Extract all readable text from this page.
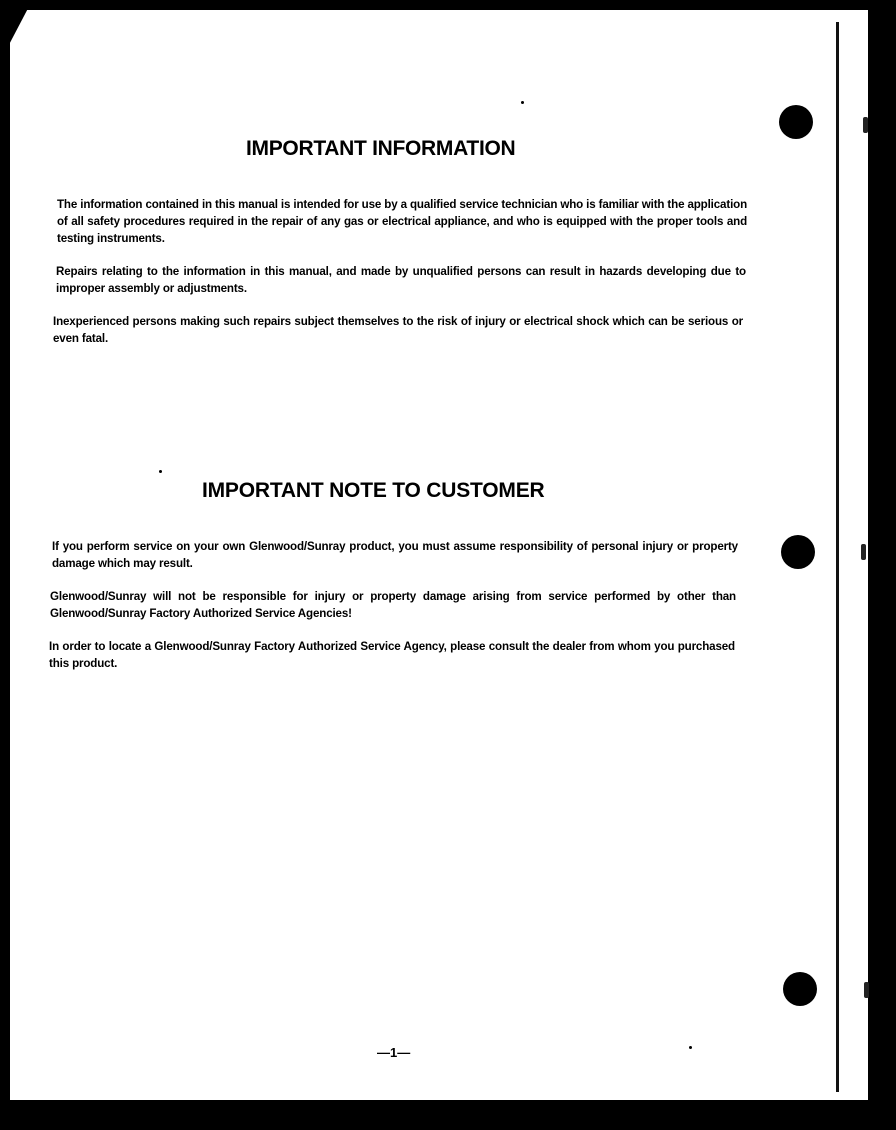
IMPORTANT INFORMATION

The information contained in this manual is intended for use by a qualified service technician who is familiar with the application of all safety procedures required in the repair of any gas or electrical appliance, and who is equipped with the proper tools and testing instruments.

Repairs relating to the information in this manual, and made by unqualified persons can result in hazards developing due to improper assembly or adjustments.

Inexperienced persons making such repairs subject themselves to the risk of injury or electrical shock which can be serious or even fatal.

IMPORTANT NOTE TO CUSTOMER

If you perform service on your own Glenwood/Sunray product, you must assume responsibility of personal injury or property damage which may result.

Glenwood/Sunray will not be responsible for injury or property damage arising from service performed by other than Glenwood/Sunray Factory Authorized Service Agencies!

In order to locate a Glenwood/Sunray Factory Authorized Service Agency, please consult the dealer from whom you purchased this product.

—1—
